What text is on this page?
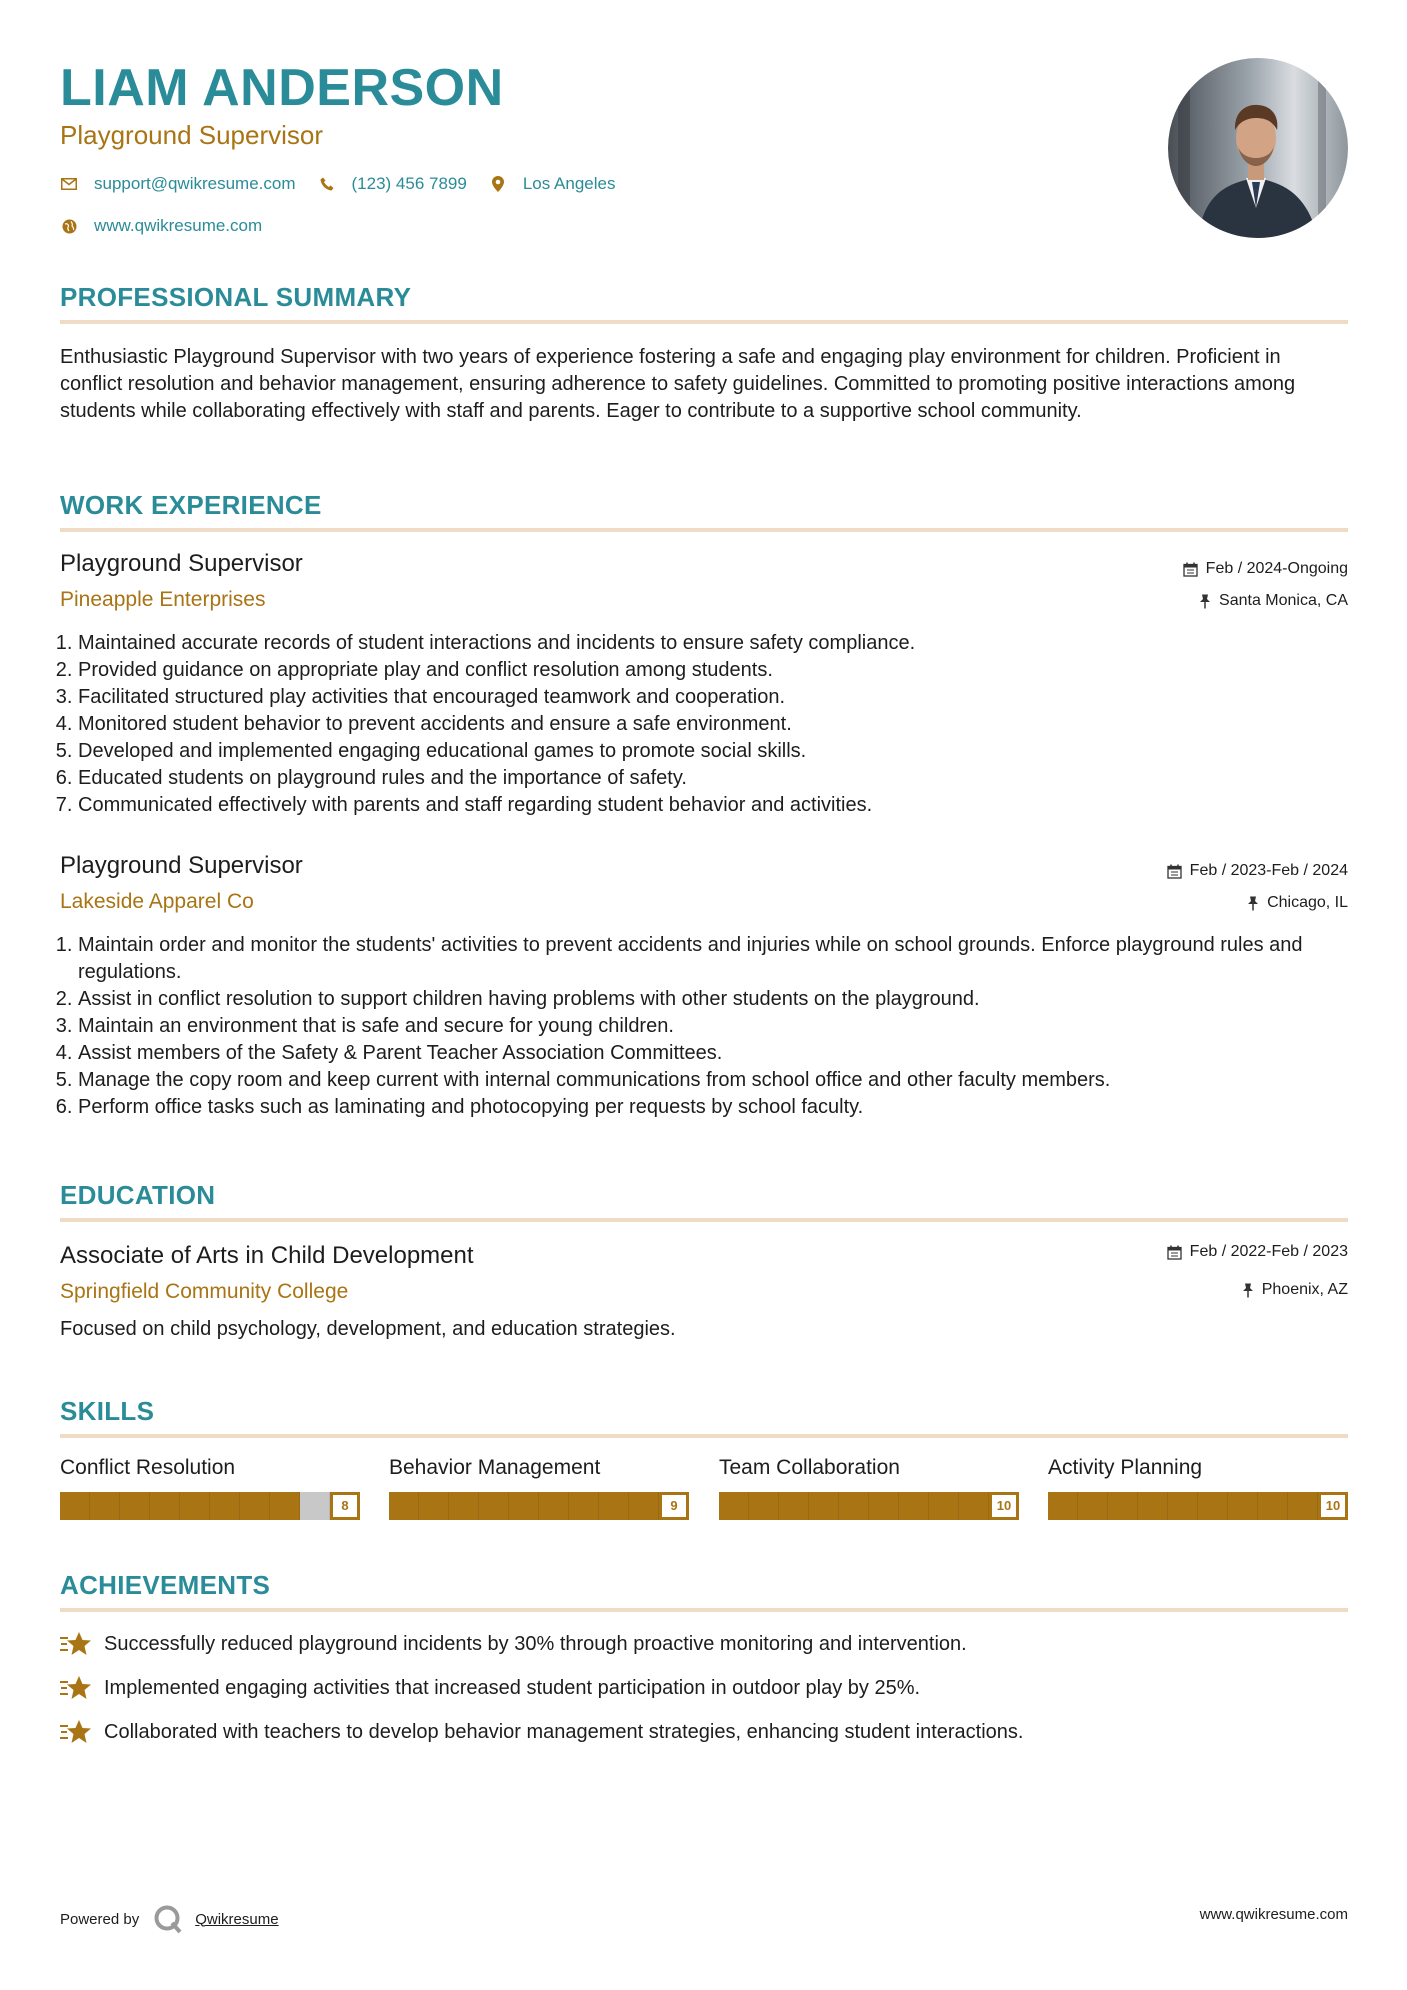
LIAM ANDERSON
Playground Supervisor
support@qwikresume.com	(123) 456 7899	Los Angeles
www.qwikresume.com
PROFESSIONAL SUMMARY
Enthusiastic Playground Supervisor with two years of experience fostering a safe and engaging play environment for children. Proficient in conflict resolution and behavior management, ensuring adherence to safety guidelines. Committed to promoting positive interactions among students while collaborating effectively with staff and parents. Eager to contribute to a supportive school community.
WORK EXPERIENCE
Playground Supervisor
Pineapple Enterprises
Feb / 2024-Ongoing
Santa Monica, CA
1. Maintained accurate records of student interactions and incidents to ensure safety compliance.
2. Provided guidance on appropriate play and conflict resolution among students.
3. Facilitated structured play activities that encouraged teamwork and cooperation.
4. Monitored student behavior to prevent accidents and ensure a safe environment.
5. Developed and implemented engaging educational games to promote social skills.
6. Educated students on playground rules and the importance of safety.
7. Communicated effectively with parents and staff regarding student behavior and activities.
Playground Supervisor
Lakeside Apparel Co
Feb / 2023-Feb / 2024
Chicago, IL
1. Maintain order and monitor the students' activities to prevent accidents and injuries while on school grounds. Enforce playground rules and regulations.
2. Assist in conflict resolution to support children having problems with other students on the playground.
3. Maintain an environment that is safe and secure for young children.
4. Assist members of the Safety & Parent Teacher Association Committees.
5. Manage the copy room and keep current with internal communications from school office and other faculty members.
6. Perform office tasks such as laminating and photocopying per requests by school faculty.
EDUCATION
Associate of Arts in Child Development
Springfield Community College
Feb / 2022-Feb / 2023
Phoenix, AZ
Focused on child psychology, development, and education strategies.
SKILLS
Conflict Resolution
8
Behavior Management
9
Team Collaboration
10
Activity Planning
10
ACHIEVEMENTS
Successfully reduced playground incidents by 30% through proactive monitoring and intervention.
Implemented engaging activities that increased student participation in outdoor play by 25%.
Collaborated with teachers to develop behavior management strategies, enhancing student interactions.
Powered by	Qwikresume	www.qwikresume.com
